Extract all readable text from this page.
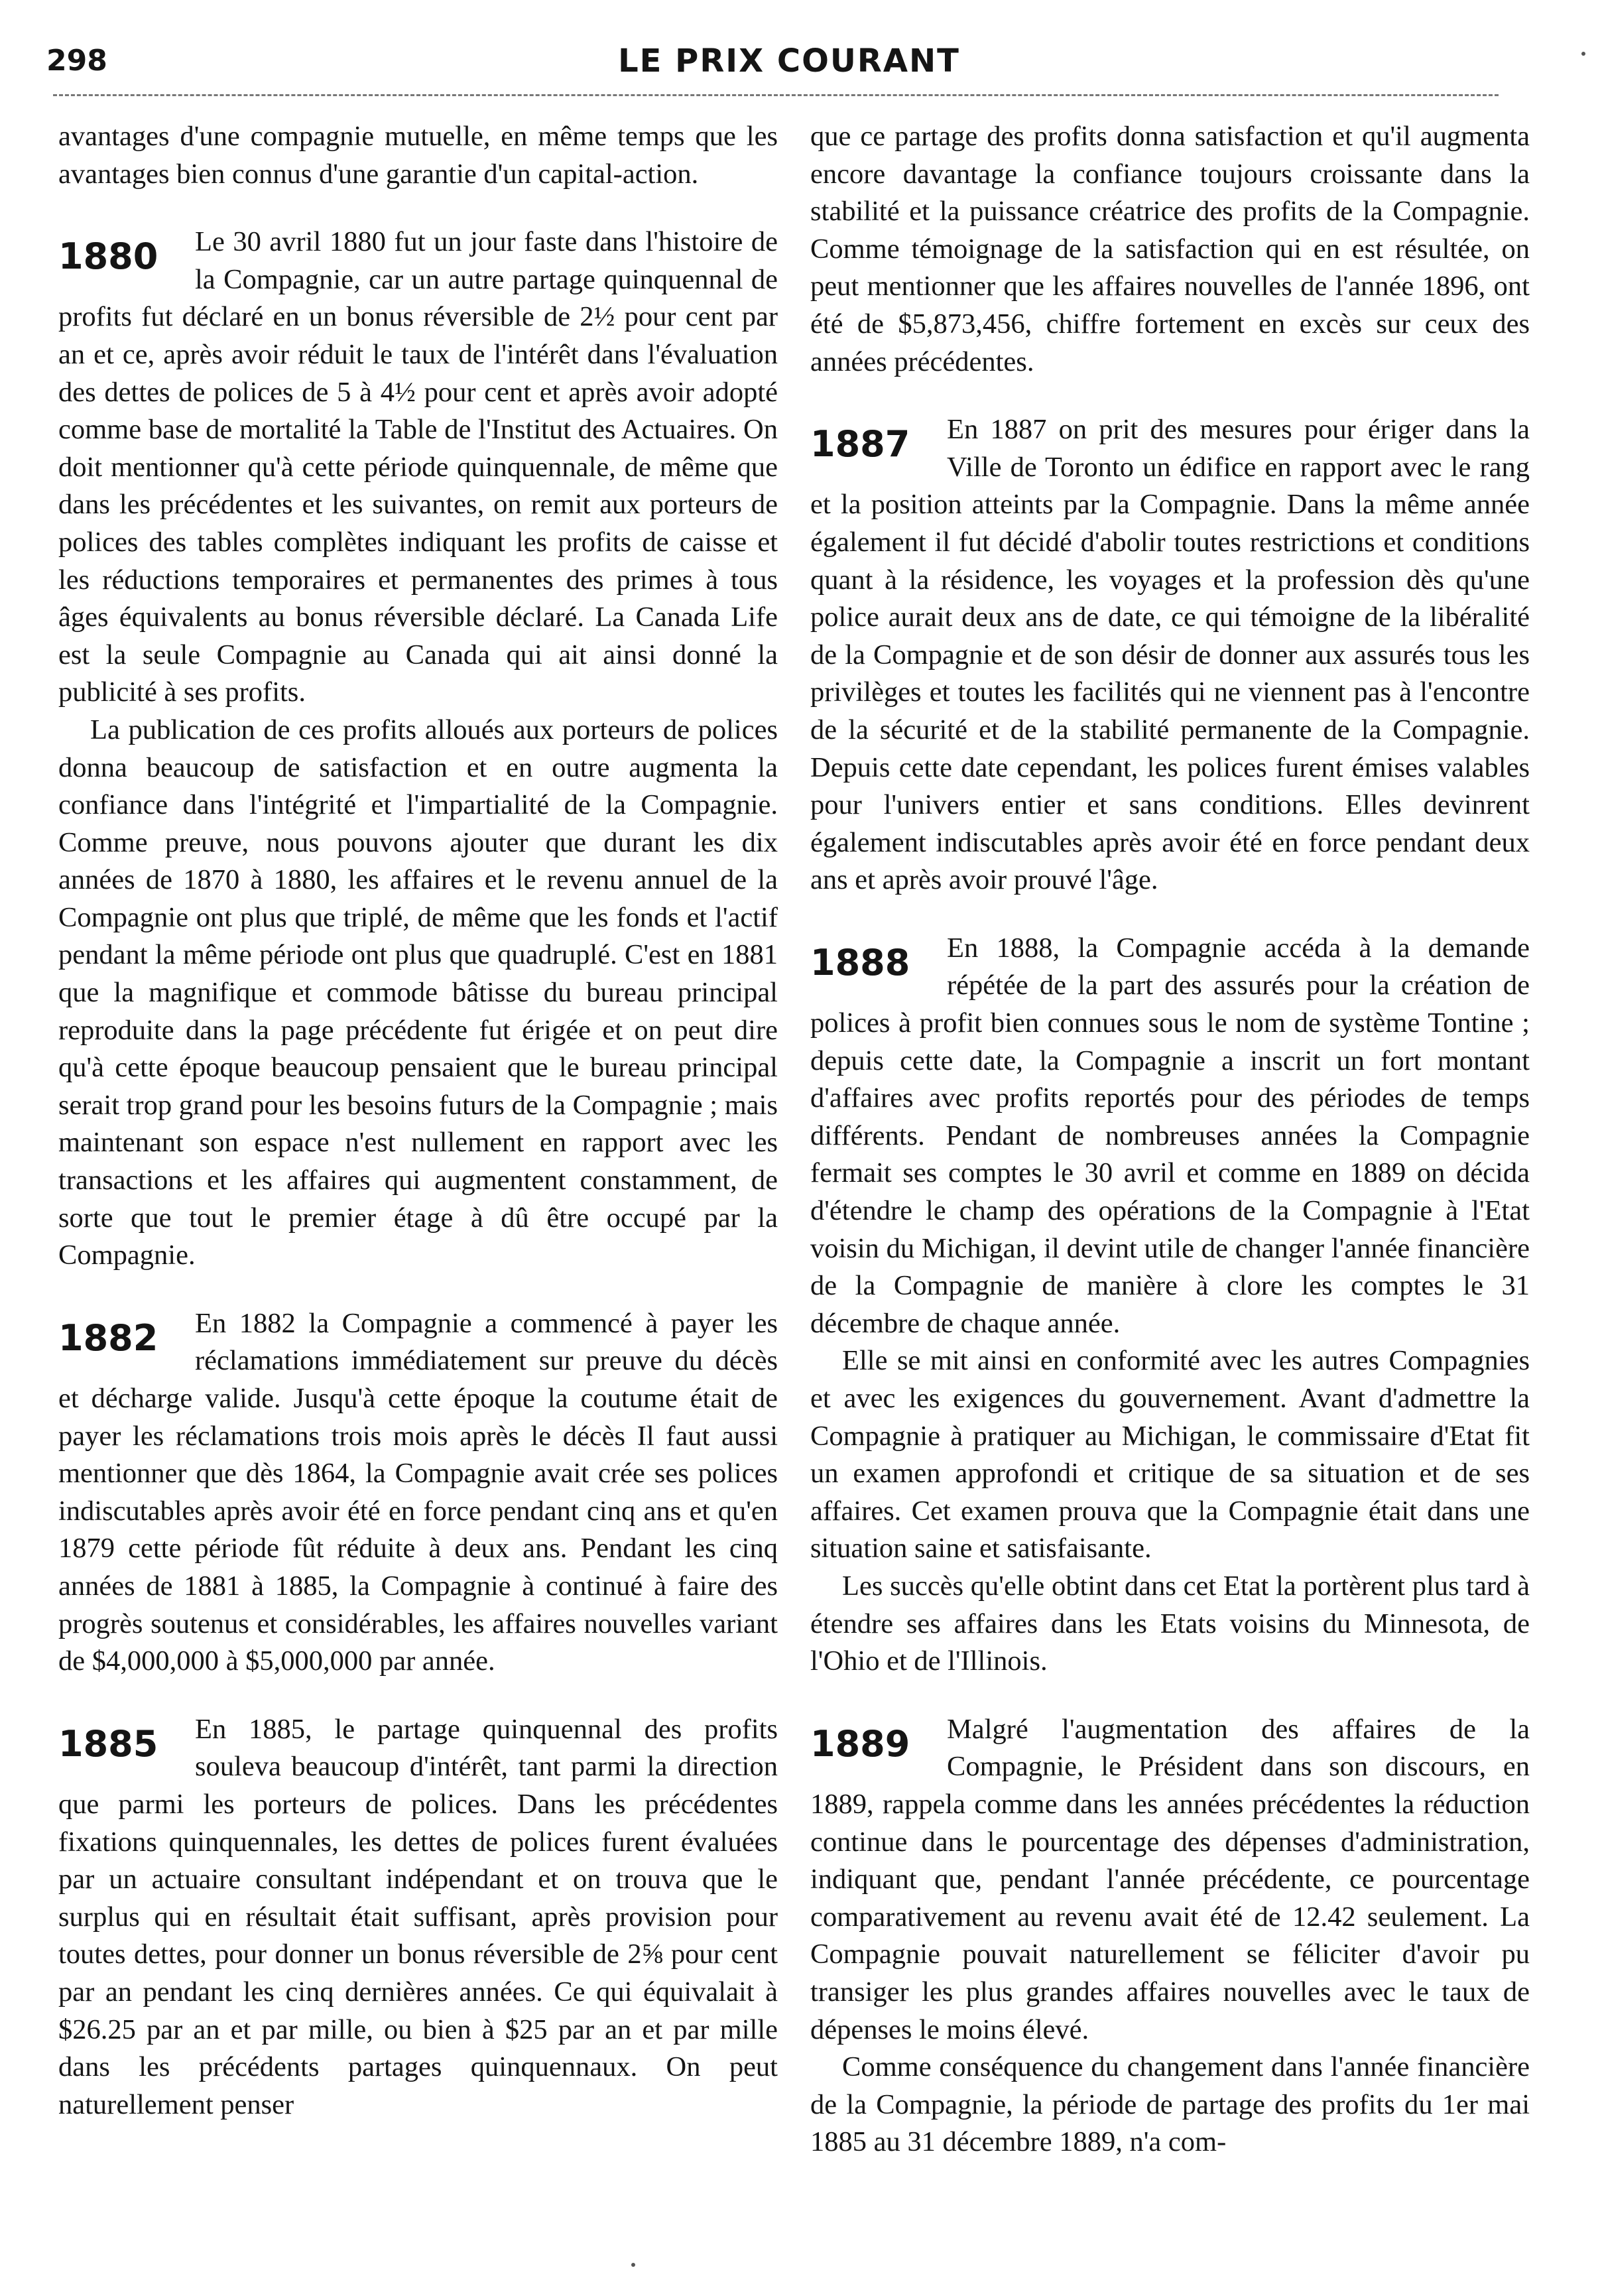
298	LE PRIX COURANT

avantages d'une compagnie mutuelle, en même temps que les avantages bien connus d'une garantie d'un capital-action.

1880	Le 30 avril 1880 fut un jour faste dans l'histoire de la Compagnie, car un autre partage quinquennal de profits fut déclaré en un bonus réversible de 2½ pour cent par an et ce, après avoir réduit le taux de l'intérêt dans l'évaluation des dettes de polices de 5 à 4½ pour cent et après avoir adopté comme base de mortalité la Table de l'Institut des Actuaires. On doit mentionner qu'à cette période quinquennale, de même que dans les précédentes et les suivantes, on remit aux porteurs de polices des tables complètes indiquant les profits de caisse et les réductions temporaires et permanentes des primes à tous âges équivalents au bonus réversible déclaré. La Canada Life est la seule Compagnie au Canada qui ait ainsi donné la publicité à ses profits.

La publication de ces profits alloués aux porteurs de polices donna beaucoup de satisfaction et en outre augmenta la confiance dans l'intégrité et l'impartialité de la Compagnie. Comme preuve, nous pouvons ajouter que durant les dix années de 1870 à 1880, les affaires et le revenu annuel de la Compagnie ont plus que triplé, de même que les fonds et l'actif pendant la même période ont plus que quadruplé. C'est en 1881 que la magnifique et commode bâtisse du bureau principal reproduite dans la page précédente fut érigée et on peut dire qu'à cette époque beaucoup pensaient que le bureau principal serait trop grand pour les besoins futurs de la Compagnie ; mais maintenant son espace n'est nullement en rapport avec les transactions et les affaires qui augmentent constamment, de sorte que tout le premier étage à dû être occupé par la Compagnie.

1882	En 1882 la Compagnie a commencé à payer les réclamations immédiatement sur preuve du décès et décharge valide. Jusqu'à cette époque la coutume était de payer les réclamations trois mois après le décès Il faut aussi mentionner que dès 1864, la Compagnie avait crée ses polices indiscutables après avoir été en force pendant cinq ans et qu'en 1879 cette période fût réduite à deux ans. Pendant les cinq années de 1881 à 1885, la Compagnie à continué à faire des progrès soutenus et considérables, les affaires nouvelles variant de $4,000,000 à $5,000,000 par année.

1885	En 1885, le partage quinquennal des profits souleva beaucoup d'intérêt, tant parmi la direction que parmi les porteurs de polices. Dans les précédentes fixations quinquennales, les dettes de polices furent évaluées par un actuaire consultant indépendant et on trouva que le surplus qui en résultait était suffisant, après provision pour toutes dettes, pour donner un bonus réversible de 2⅝ pour cent par an pendant les cinq dernières années. Ce qui équivalait à $26.25 par an et par mille, ou bien à $25 par an et par mille dans les précédents partages quinquennaux. On peut naturellement penser

que ce partage des profits donna satisfaction et qu'il augmenta encore davantage la confiance toujours croissante dans la stabilité et la puissance créatrice des profits de la Compagnie. Comme témoignage de la satisfaction qui en est résultée, on peut mentionner que les affaires nouvelles de l'année 1896, ont été de $5,873,456, chiffre fortement en excès sur ceux des années précédentes.

1887	En 1887 on prit des mesures pour ériger dans la Ville de Toronto un édifice en rapport avec le rang et la position atteints par la Compagnie. Dans la même année également il fut décidé d'abolir toutes restrictions et conditions quant à la résidence, les voyages et la profession dès qu'une police aurait deux ans de date, ce qui témoigne de la libéralité de la Compagnie et de son désir de donner aux assurés tous les privilèges et toutes les facilités qui ne viennent pas à l'encontre de la sécurité et de la stabilité permanente de la Compagnie. Depuis cette date cependant, les polices furent émises valables pour l'univers entier et sans conditions. Elles devinrent également indiscutables après avoir été en force pendant deux ans et après avoir prouvé l'âge.

1888	En 1888, la Compagnie accéda à la demande répétée de la part des assurés pour la création de polices à profit bien connues sous le nom de système Tontine ; depuis cette date, la Compagnie a inscrit un fort montant d'affaires avec profits reportés pour des périodes de temps différents. Pendant de nombreuses années la Compagnie fermait ses comptes le 30 avril et comme en 1889 on décida d'étendre le champ des opérations de la Compagnie à l'Etat voisin du Michigan, il devint utile de changer l'année financière de la Compagnie de manière à clore les comptes le 31 décembre de chaque année.

Elle se mit ainsi en conformité avec les autres Compagnies et avec les exigences du gouvernement. Avant d'admettre la Compagnie à pratiquer au Michigan, le commissaire d'Etat fit un examen approfondi et critique de sa situation et de ses affaires. Cet examen prouva que la Compagnie était dans une situation saine et satisfaisante.

Les succès qu'elle obtint dans cet Etat la portèrent plus tard à étendre ses affaires dans les Etats voisins du Minnesota, de l'Ohio et de l'Illinois.

1889	Malgré l'augmentation des affaires de la Compagnie, le Président dans son discours, en 1889, rappela comme dans les années précédentes la réduction continue dans le pourcentage des dépenses d'administration, indiquant que, pendant l'année précédente, ce pourcentage comparativement au revenu avait été de 12.42 seulement. La Compagnie pouvait naturellement se féliciter d'avoir pu transiger les plus grandes affaires nouvelles avec le taux de dépenses le moins élevé.

Comme conséquence du changement dans l'année financière de la Compagnie, la période de partage des profits du 1er mai 1885 au 31 décembre 1889, n'a com-
